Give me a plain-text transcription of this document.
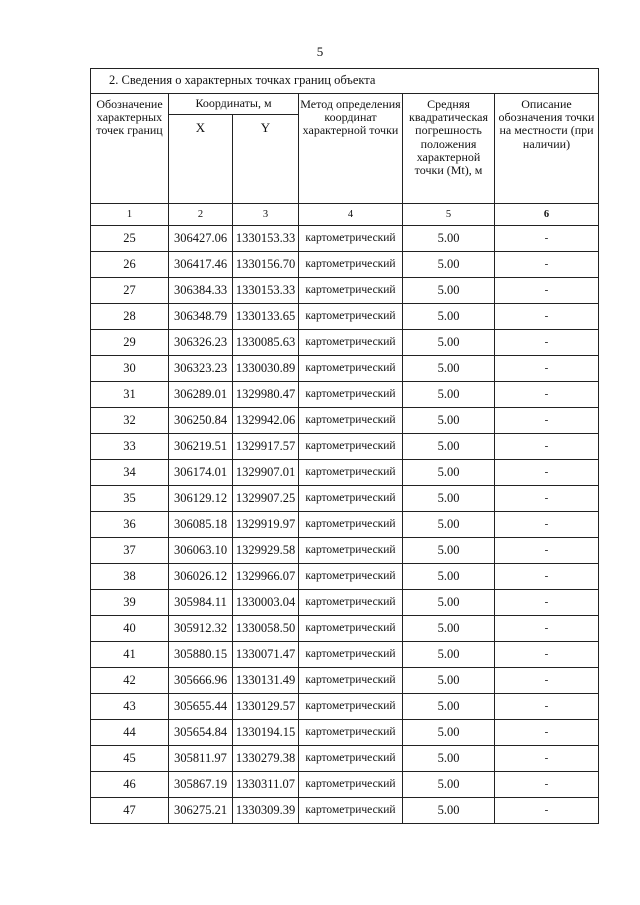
5
2. Сведения о характерных точках границ объекта					
Обозначение характерных точек границ	Координаты, м		Метод определения координат характерной точки	Средняя квадратическая погрешность положения характерной точки (Mt), м	Описание обозначения точки на местности (при наличии)
	X	Y			
1	2	3	4	5	6
25	306427.06	1330153.33	картометрический	5.00	-
26	306417.46	1330156.70	картометрический	5.00	-
27	306384.33	1330153.33	картометрический	5.00	-
28	306348.79	1330133.65	картометрический	5.00	-
29	306326.23	1330085.63	картометрический	5.00	-
30	306323.23	1330030.89	картометрический	5.00	-
31	306289.01	1329980.47	картометрический	5.00	-
32	306250.84	1329942.06	картометрический	5.00	-
33	306219.51	1329917.57	картометрический	5.00	-
34	306174.01	1329907.01	картометрический	5.00	-
35	306129.12	1329907.25	картометрический	5.00	-
36	306085.18	1329919.97	картометрический	5.00	-
37	306063.10	1329929.58	картометрический	5.00	-
38	306026.12	1329966.07	картометрический	5.00	-
39	305984.11	1330003.04	картометрический	5.00	-
40	305912.32	1330058.50	картометрический	5.00	-
41	305880.15	1330071.47	картометрический	5.00	-
42	305666.96	1330131.49	картометрический	5.00	-
43	305655.44	1330129.57	картометрический	5.00	-
44	305654.84	1330194.15	картометрический	5.00	-
45	305811.97	1330279.38	картометрический	5.00	-
46	305867.19	1330311.07	картометрический	5.00	-
47	306275.21	1330309.39	картометрический	5.00	-
